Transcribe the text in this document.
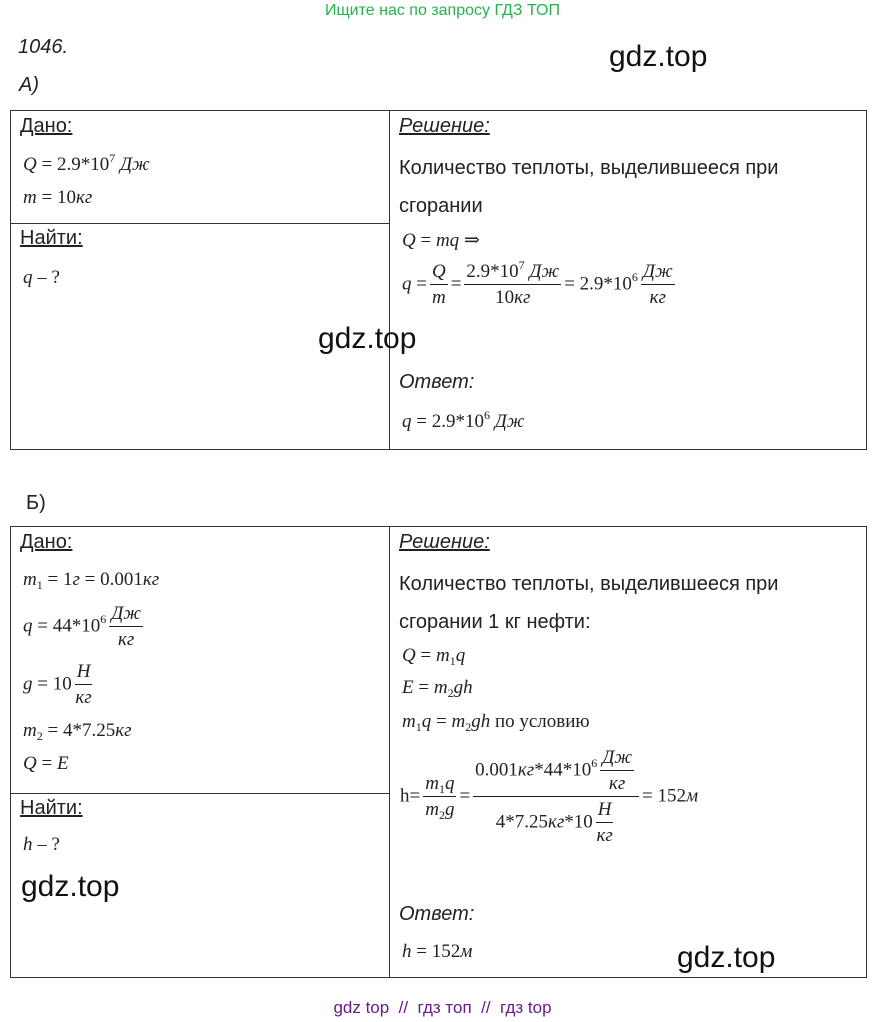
Ищите нас по запросу ГДЗ ТОП
1046.	gdz.top
А)
Дано:
$Q = 2.9*10^7$ Дж
m = 10кг
Найти:
q – ?
Решение:
Количество теплоты, выделившееся при сгорании
Q = mq ⇒
$q = \frac{Q}{m} = \frac{2.9*10^7 Дж}{10кг} = 2.9*10^6 \frac{Дж}{кг}$
Ответ:
$q = 2.9*10^6$ Дж
gdz.top
Б)
Дано:
$m_1 = 1г = 0.001кг$
$q = 44*10^6 \frac{Дж}{кг}$
$g = 10 \frac{Н}{кг}$
$m_2 = 4*7.25кг$
Q = E
Найти:
h – ?
Решение:
Количество теплоты, выделившееся при сгорании 1 кг нефти:
$Q = m_1q$
$E = m_2gh$
$m_1q = m_2gh$ по условию
$h= \frac{m_1q}{m_2g} = \frac{0.001кг*44*10^6 \frac{Дж}{кг}}{4*7.25кг*10 \frac{Н}{кг}} = 152м$
Ответ:
h = 152м
gdz.top
gdz.top
gdz top  //  гдз топ  //  гдз top
